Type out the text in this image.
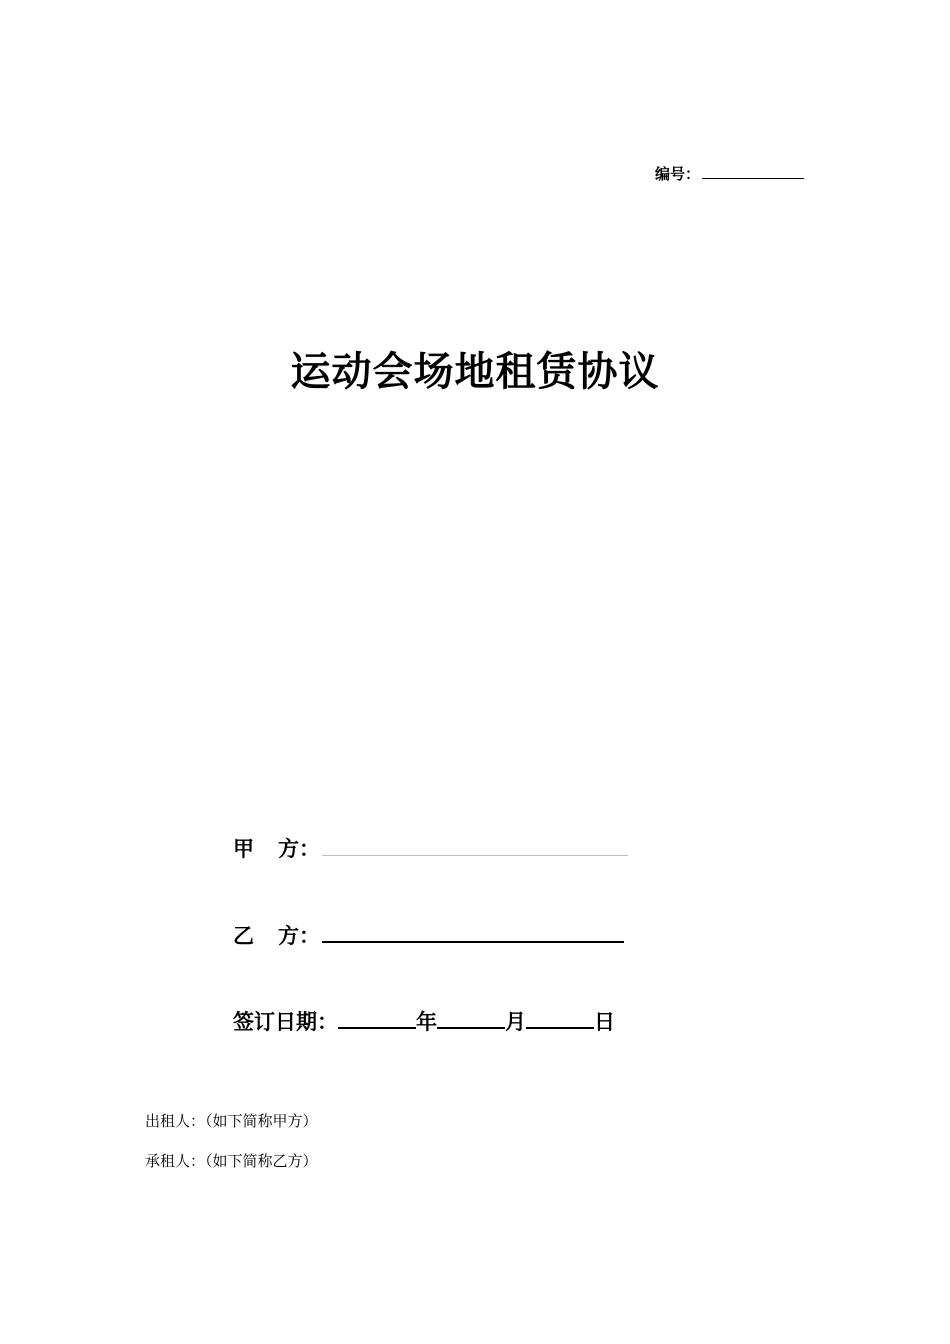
编号：
运动会场地租赁协议
甲 方：
乙 方：
签订日期：	年	月	日
出租人：（如下简称甲方）
承租人：（如下简称乙方）
